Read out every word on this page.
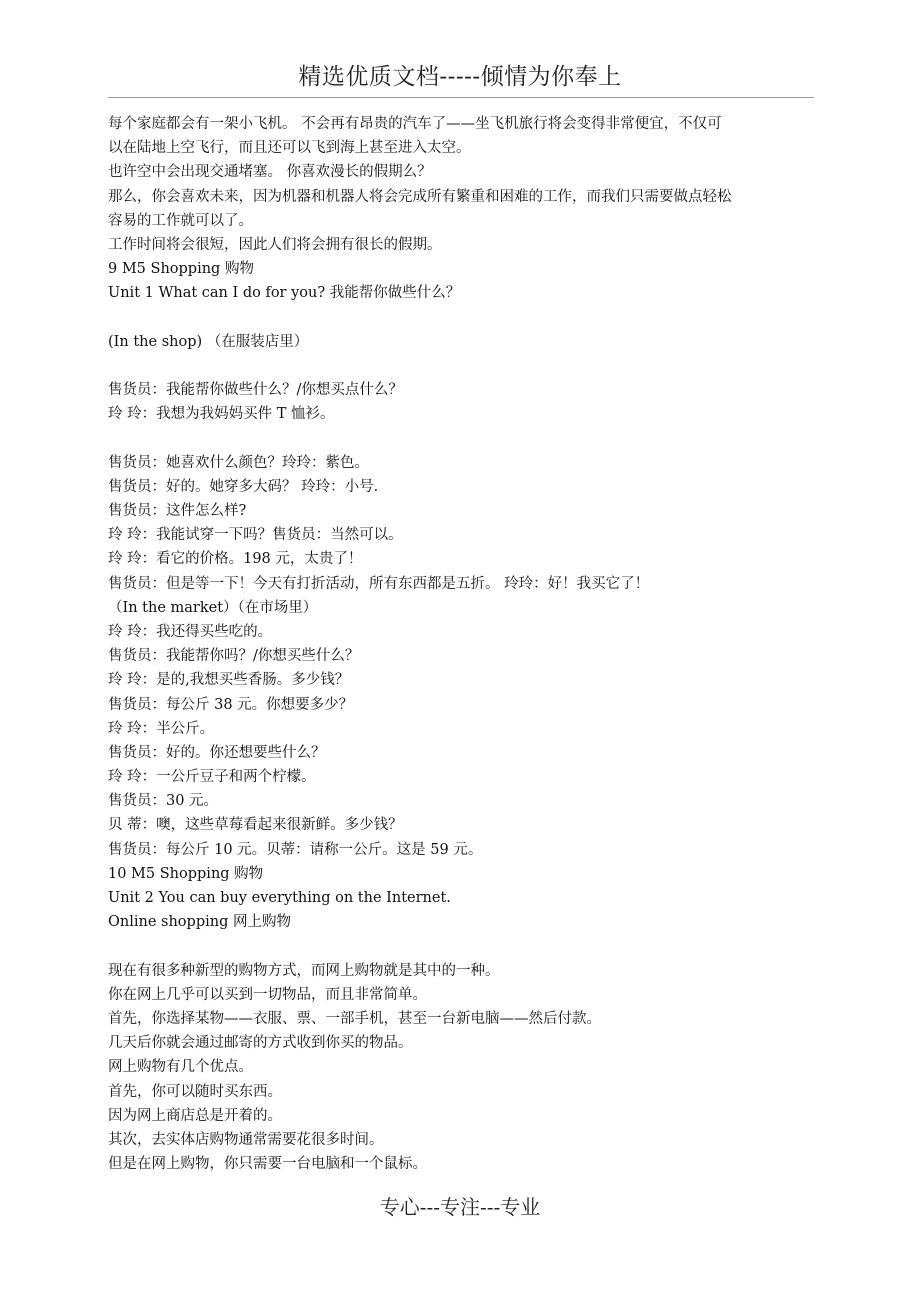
精选优质文档-----倾情为你奉上
每个家庭都会有一架小飞机。 不会再有昂贵的汽车了——坐飞机旅行将会变得非常便宜，不仅可
以在陆地上空飞行，而且还可以飞到海上甚至进入太空。
也许空中会出现交通堵塞。 你喜欢漫长的假期么？
那么，你会喜欢未来，因为机器和机器人将会完成所有繁重和困难的工作，而我们只需要做点轻松
容易的工作就可以了。
工作时间将会很短，因此人们将会拥有很长的假期。
9 M5 Shopping 购物
Unit 1 What can I do for you? 我能帮你做些什么？
(In the shop) （在服装店里）
售货员：我能帮你做些什么？/你想买点什么？
玲 玲：我想为我妈妈买件 T 恤衫。
售货员：她喜欢什么颜色？玲玲：紫色。
售货员：好的。她穿多大码？ 玲玲：小号.
售货员：这件怎么样?
玲 玲：我能试穿一下吗？售货员：当然可以。
玲 玲：看它的价格。198 元，太贵了！
售货员：但是等一下！今天有打折活动，所有东西都是五折。 玲玲：好！我买它了！
（In the market）（在市场里）
玲 玲：我还得买些吃的。
售货员：我能帮你吗？/你想买些什么？
玲 玲：是的,我想买些香肠。多少钱？
售货员：每公斤 38 元。你想要多少？
玲 玲：半公斤。
售货员：好的。你还想要些什么？
玲 玲：一公斤豆子和两个柠檬。
售货员：30 元。
贝 蒂：噢，这些草莓看起来很新鲜。多少钱？
售货员：每公斤 10 元。贝蒂：请称一公斤。这是 59 元。
10 M5 Shopping 购物
Unit 2 You can buy everything on the Internet.
Online shopping 网上购物
现在有很多种新型的购物方式，而网上购物就是其中的一种。
你在网上几乎可以买到一切物品，而且非常简单。
首先，你选择某物——衣服、票、一部手机，甚至一台新电脑——然后付款。
几天后你就会通过邮寄的方式收到你买的物品。
网上购物有几个优点。
首先，你可以随时买东西。
因为网上商店总是开着的。
其次，去实体店购物通常需要花很多时间。
但是在网上购物，你只需要一台电脑和一个鼠标。
专心---专注---专业
